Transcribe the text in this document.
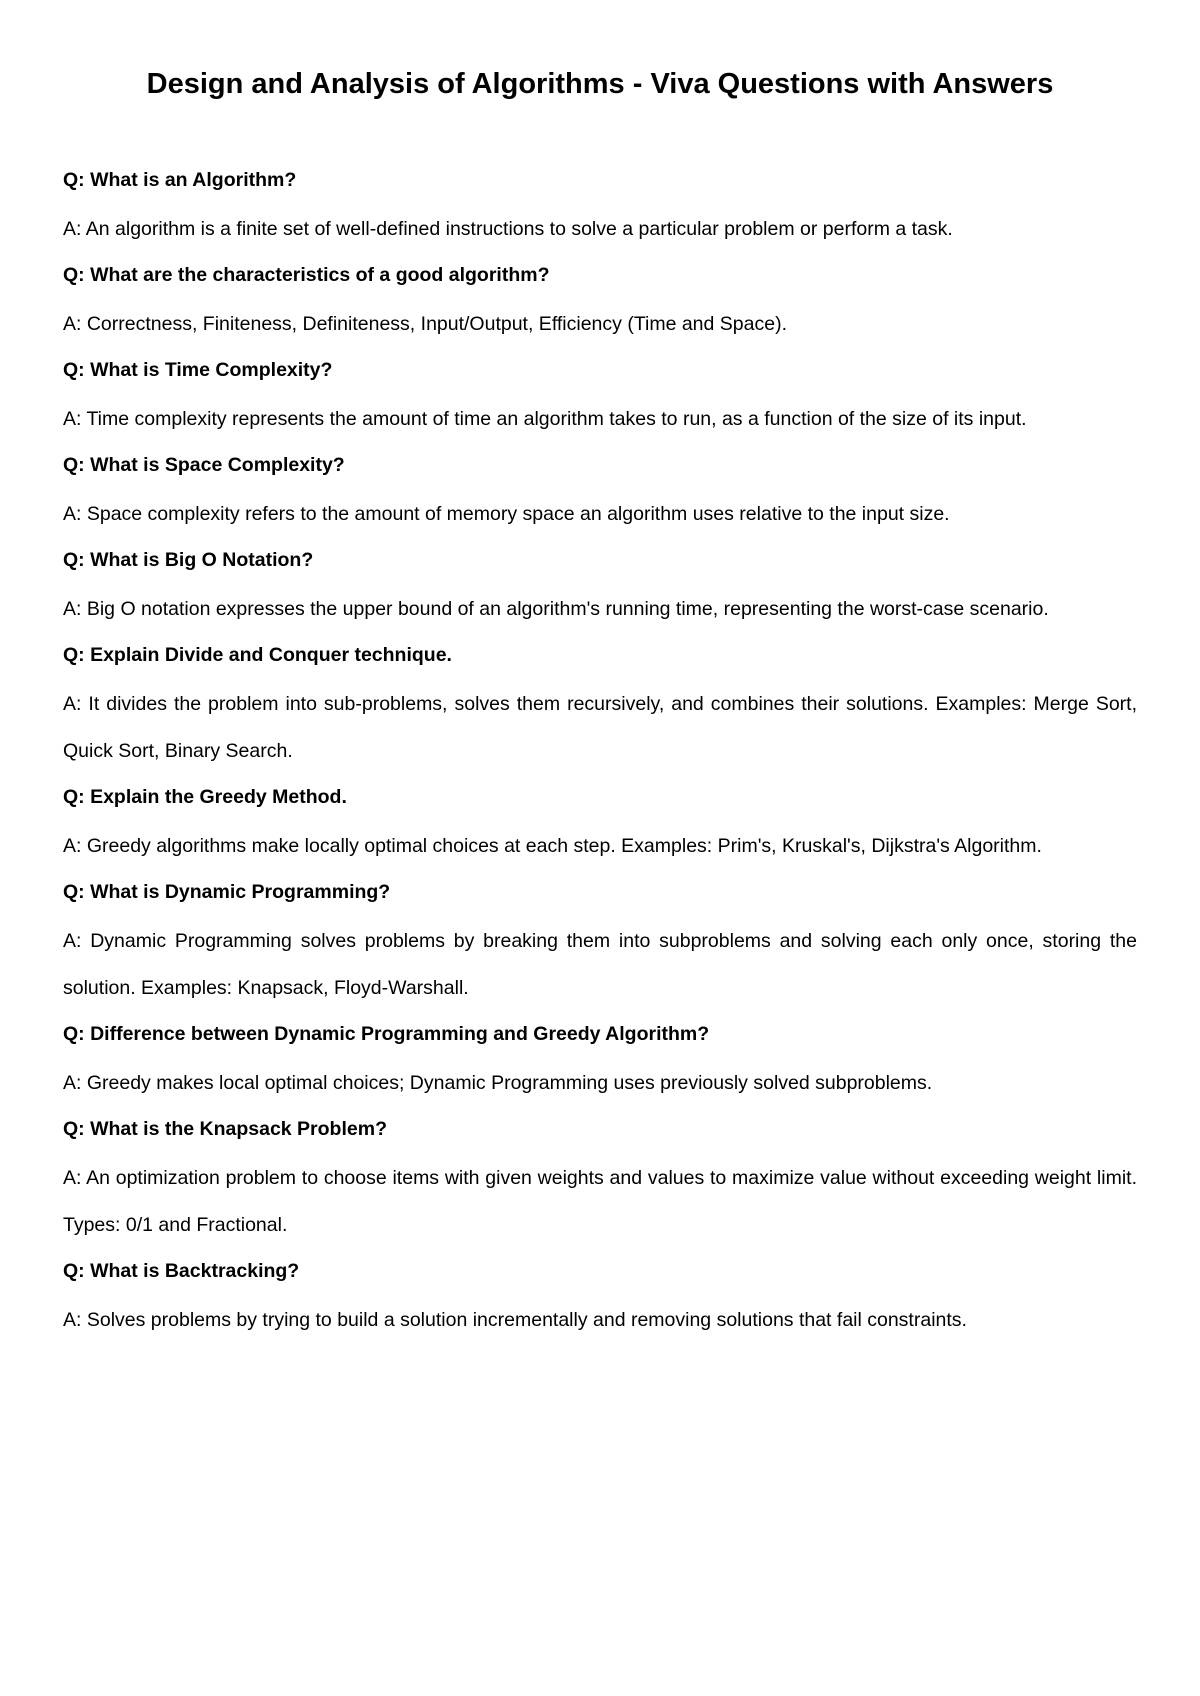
Design and Analysis of Algorithms - Viva Questions with Answers
Q: What is an Algorithm?
A: An algorithm is a finite set of well-defined instructions to solve a particular problem or perform a task.
Q: What are the characteristics of a good algorithm?
A: Correctness, Finiteness, Definiteness, Input/Output, Efficiency (Time and Space).
Q: What is Time Complexity?
A: Time complexity represents the amount of time an algorithm takes to run, as a function of the size of its input.
Q: What is Space Complexity?
A: Space complexity refers to the amount of memory space an algorithm uses relative to the input size.
Q: What is Big O Notation?
A: Big O notation expresses the upper bound of an algorithm's running time, representing the worst-case scenario.
Q: Explain Divide and Conquer technique.
A: It divides the problem into sub-problems, solves them recursively, and combines their solutions. Examples: Merge Sort, Quick Sort, Binary Search.
Q: Explain the Greedy Method.
A: Greedy algorithms make locally optimal choices at each step. Examples: Prim's, Kruskal's, Dijkstra's Algorithm.
Q: What is Dynamic Programming?
A: Dynamic Programming solves problems by breaking them into subproblems and solving each only once, storing the solution. Examples: Knapsack, Floyd-Warshall.
Q: Difference between Dynamic Programming and Greedy Algorithm?
A: Greedy makes local optimal choices; Dynamic Programming uses previously solved subproblems.
Q: What is the Knapsack Problem?
A: An optimization problem to choose items with given weights and values to maximize value without exceeding weight limit. Types: 0/1 and Fractional.
Q: What is Backtracking?
A: Solves problems by trying to build a solution incrementally and removing solutions that fail constraints.
